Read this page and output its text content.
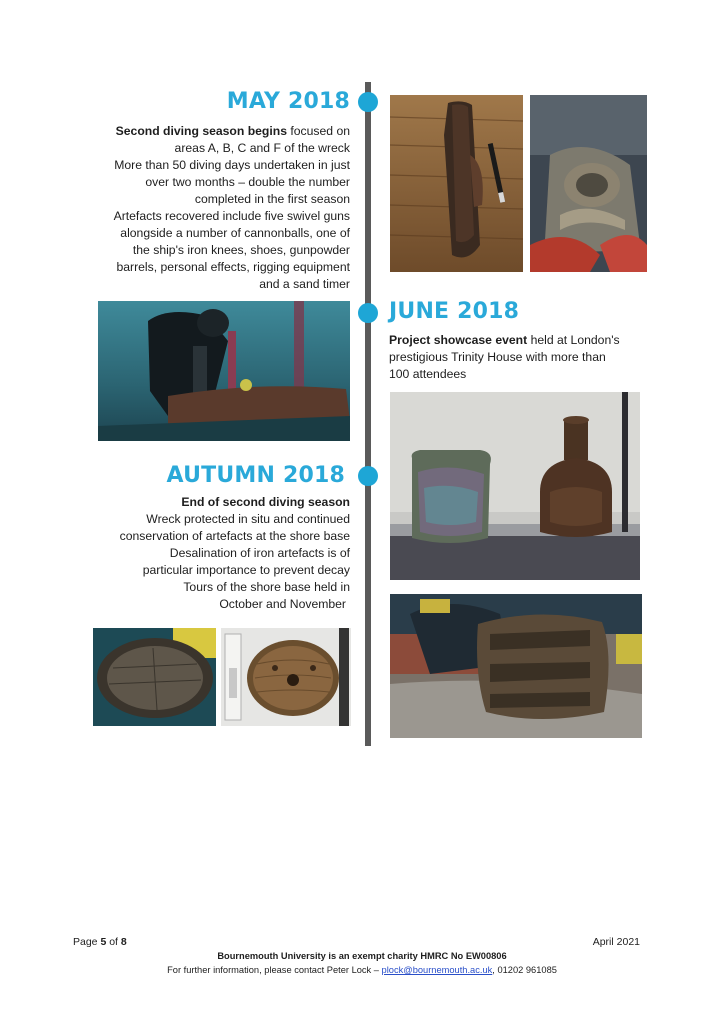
MAY 2018

Second diving season begins focused on

areas A, B, C and F of the wreck

More than 50 diving days undertaken in just

over two months – double the number

completed in the first season

Artefacts recovered include five swivel guns

alongside a number of cannonballs, one of

the ship's iron knees, shoes, gunpowder

barrels, personal effects, rigging equipment

and a sand timer

JUNE 2018

Project showcase event held at London's

prestigious Trinity House with more than

100 attendees

AUTUMN 2018

End of second diving season

Wreck protected in situ and continued

conservation of artefacts at the shore base

Desalination of iron artefacts is of

particular importance to prevent decay

Tours of the shore base held in

October and November

Page 5 of 8	April 2021
Bournemouth University is an exempt charity HMRC No EW00806
For further information, please contact Peter Lock – plock@bournemouth.ac.uk, 01202 961085
